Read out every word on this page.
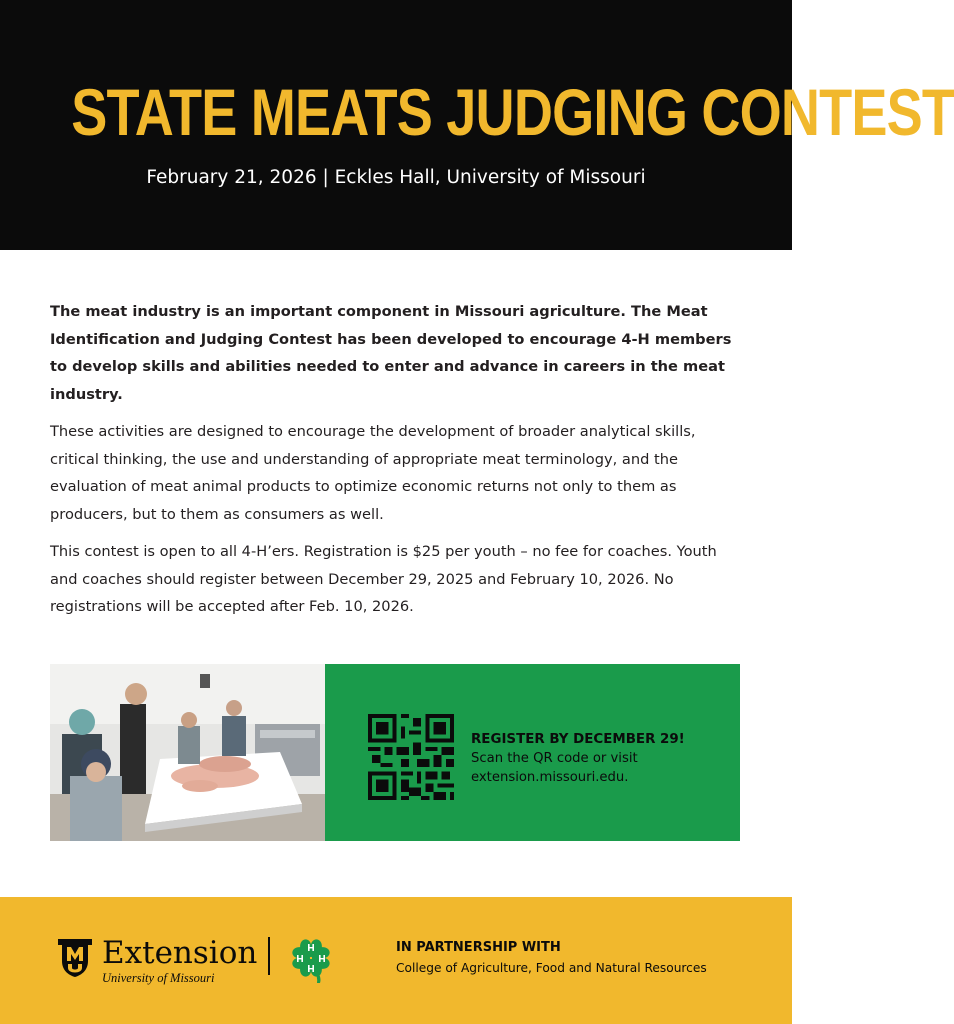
STATE MEATS JUDGING CONTEST
February 21, 2026 | Eckles Hall, University of Missouri

The meat industry is an important component in Missouri agriculture. The Meat Identification and Judging Contest has been developed to encourage 4-H members to develop skills and abilities needed to enter and advance in careers in the meat industry.

These activities are designed to encourage the development of broader analytical skills, critical thinking, the use and understanding of appropriate meat terminology, and the evaluation of meat animal products to optimize economic returns not only to them as producers, but to them as consumers as well.

This contest is open to all 4-H’ers. Registration is $25 per youth – no fee for coaches. Youth and coaches should register between December 29, 2025 and February 10, 2026. No registrations will be accepted after Feb. 10, 2026.

REGISTER BY DECEMBER 29!
Scan the QR code or visit
extension.missouri.edu.
Extension
University of Missouri
IN PARTNERSHIP WITH
College of Agriculture, Food and Natural Resources
